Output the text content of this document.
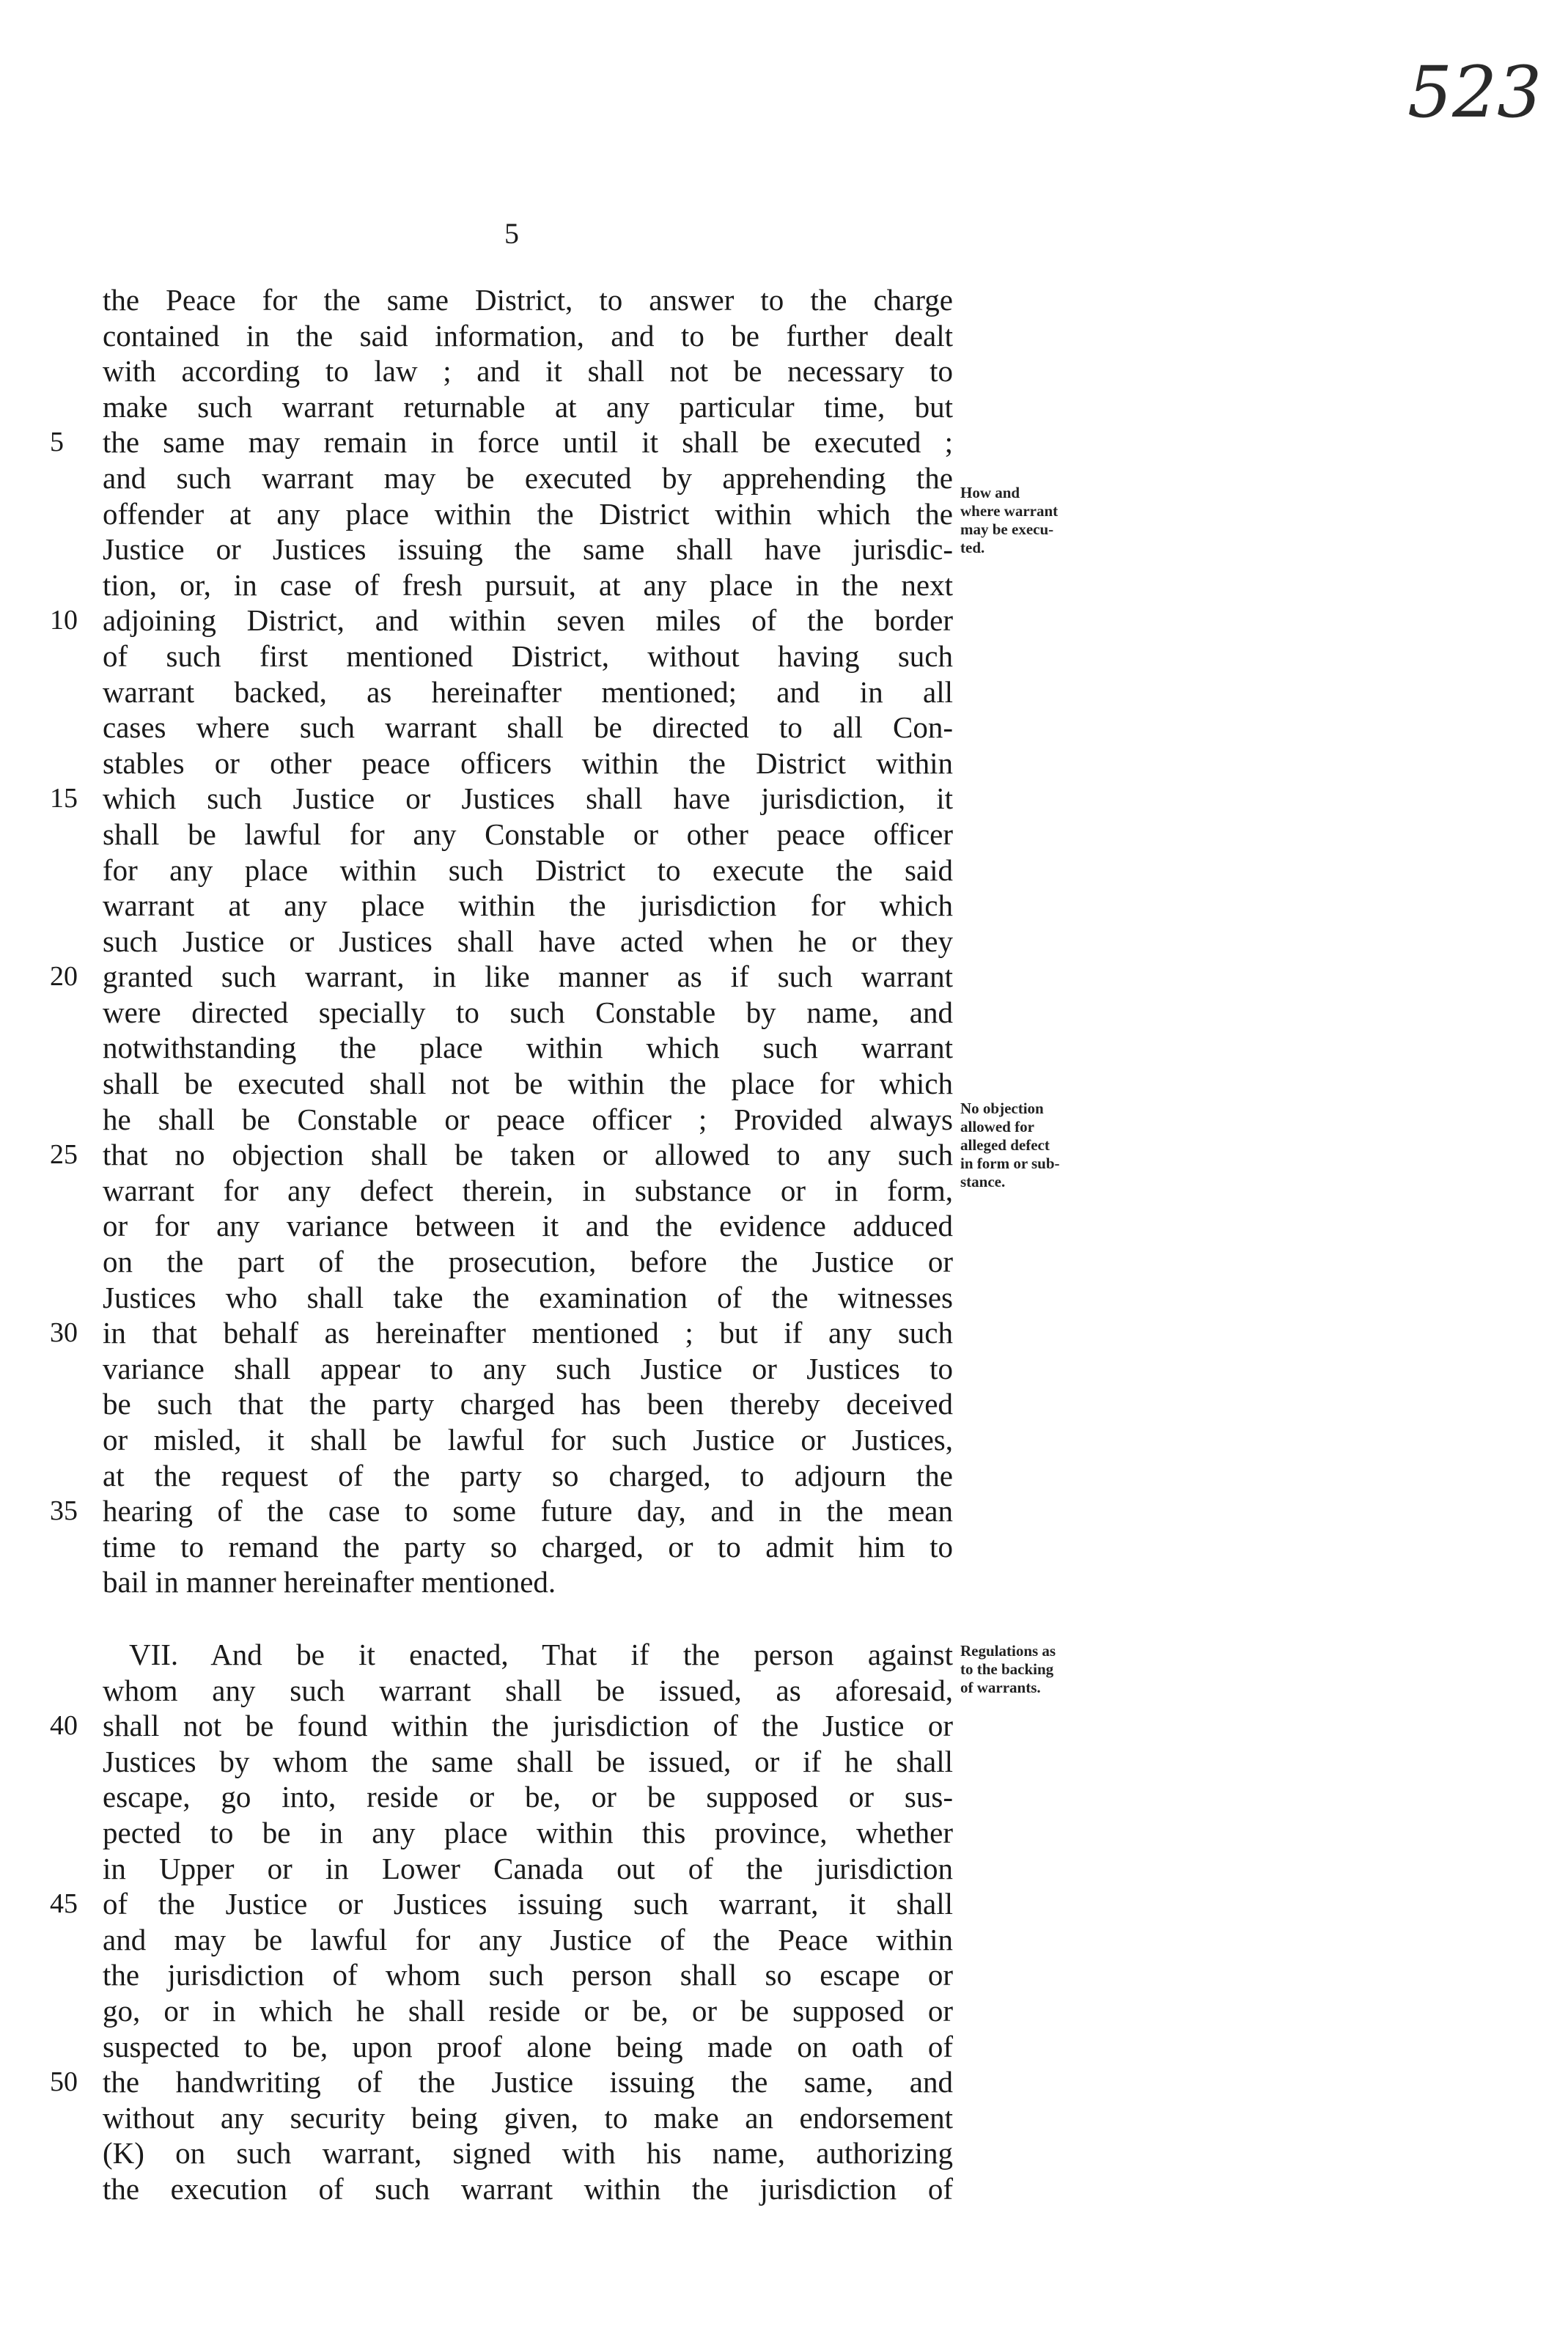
523
5
the Peace for the same District, to answer to the charge
contained in the said information, and to be further dealt
with according to law ; and it shall not be necessary to
make such warrant returnable at any particular time, but
5	the same may remain in force until it shall be executed ;
and such warrant may be executed by apprehending the
offender at any place within the District within which the
Justice or Justices issuing the same shall have jurisdic-
tion, or, in case of fresh pursuit, at any place in the next
10 adjoining District, and within seven miles of the border
of such first mentioned District, without having such
warrant backed, as hereinafter mentioned; and in all
cases where such warrant shall be directed to all Con-
stables or other peace officers within the District within
15 which such Justice or Justices shall have jurisdiction, it
shall be lawful for any Constable or other peace officer
for any place within such District to execute the said
warrant at any place within the jurisdiction for which
such Justice or Justices shall have acted when he or they
20 granted such warrant, in like manner as if such warrant
were directed specially to such Constable by name, and
notwithstanding the place within which such warrant
shall be executed shall not be within the place for which
he shall be Constable or peace officer ; Provided always
25 that no objection shall be taken or allowed to any such
warrant for any defect therein, in substance or in form,
or for any variance between it and the evidence adduced
on the part of the prosecution, before the Justice or
Justices who shall take the examination of the witnesses
30 in that behalf as hereinafter mentioned ; but if any such
variance shall appear to any such Justice or Justices to
be such that the party charged has been thereby deceived
or misled, it shall be lawful for such Justice or Justices,
at the request of the party so charged, to adjourn the
35 hearing of the case to some future day, and in the mean
time to remand the party so charged, or to admit him to
bail in manner hereinafter mentioned.
VII. And be it enacted, That if the person against
whom any such warrant shall be issued, as aforesaid,
40 shall not be found within the jurisdiction of the Justice or
Justices by whom the same shall be issued, or if he shall
escape, go into, reside or be, or be supposed or sus-
pected to be in any place within this province, whether
in Upper or in Lower Canada out of the jurisdiction
45 of the Justice or Justices issuing such warrant, it shall
and may be lawful for any Justice of the Peace within
the jurisdiction of whom such person shall so escape or
go, or in which he shall reside or be, or be supposed or
suspected to be, upon proof alone being made on oath of
50 the handwriting of the Justice issuing the same, and
without any security being given, to make an endorsement
(K) on such warrant, signed with his name, authorizing
the execution of such warrant within the jurisdiction of
How and
where warrant
may be execu-
ted.
No objection
allowed for
alleged defect
in form or sub-
stance.
Regulations as
to the backing
of warrants.
